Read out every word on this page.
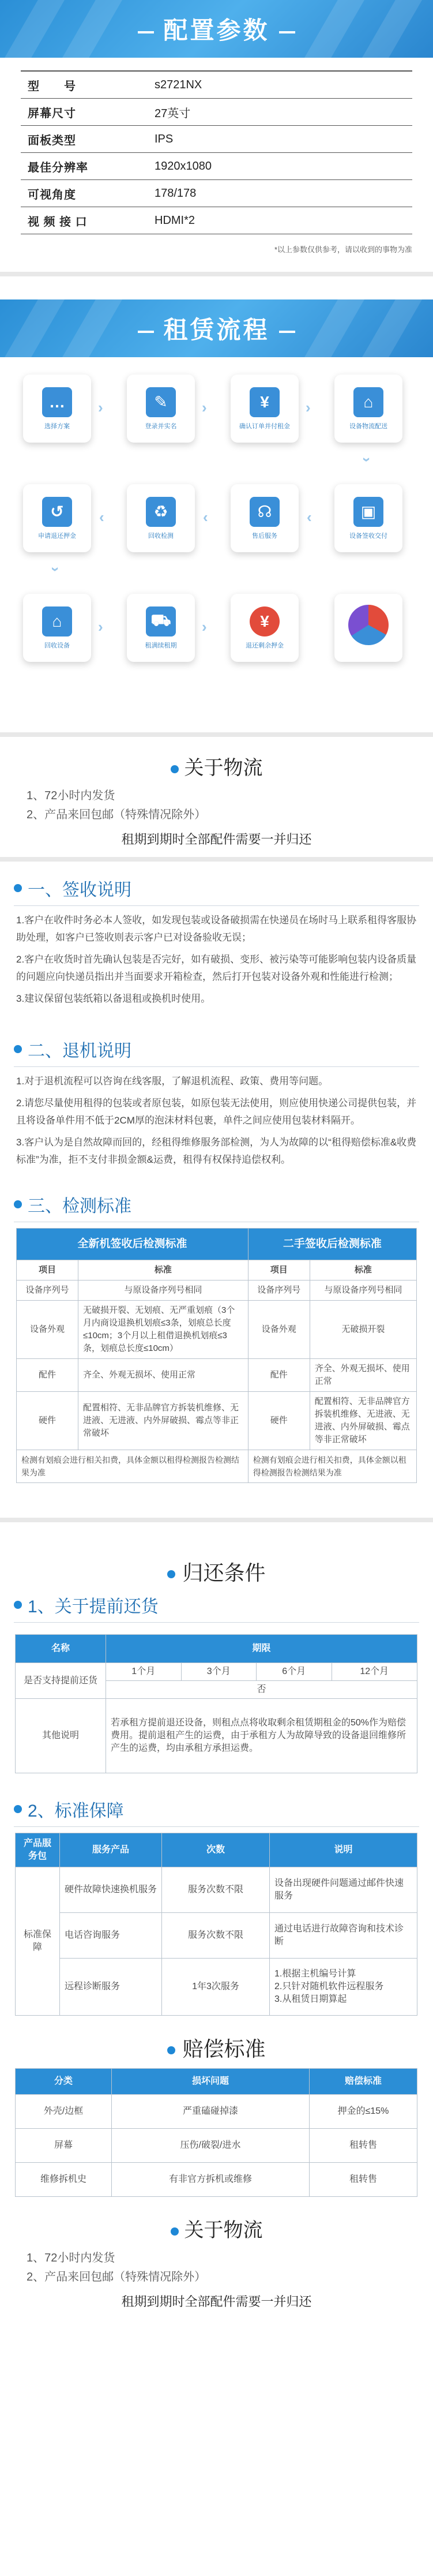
配置参数
型　　号	s2721NX
屏幕尺寸	27英寸
面板类型	IPS
最佳分辨率	1920x1080
可视角度	178/178
视 频 接 口	HDMI*2
*以上参数仅供参考，请以收到的事物为准
租赁流程
…
选择方案
›	✎
登录并实名
›	¥
确认订单并付租金
›	⌂
设备物流配送
›
↺
申请退还押金
‹	♻
回收检测
‹	☊
售后服务
‹	▣
设备签收交付
›
⌂
回收设备
›	⛟
租满续租期
›	¥
退还剩余押金
关于物流
1、72小时内发货
2、产品来回包邮（特殊情况除外）
租期到期时全部配件需要一并归还
一、签收说明
1.客户在收件时务必本人签收，如发现包装或设备破损需在快递员在场时马上联系租得客服协助处理，如客户已签收则表示客户已对设备验收无误；
2.客户在收货时首先确认包装是否完好，如有破损、变形、被污染等可能影响包装内设备质量的问题应向快递员指出并当面要求开箱检查，然后打开包装对设备外观和性能进行检测；
3.建议保留包装纸箱以备退租或换机时使用。
二、退机说明
1.对于退机流程可以咨询在线客服，了解退机流程、政策、费用等问题。
2.请您尽量使用租得的包装或者原包装，如原包装无法使用，则应使用快递公司提供包装，并且将设备单件用不低于2CM厚的泡沫材料包裹，单件之间应使用包装材料隔开。
3.客户认为是自然故障而回的，经租得维修服务部检测，为人为故障的以“租得赔偿标准&收费标准”为准，拒不支付非损金额&运费，租得有权保持追偿权利。
三、检测标准
全新机签收后检测标准		二手签收后检测标准	
项目	标准	项目	标准
设备序列号	与原设备序列号相同	设备序列号	与原设备序列号相同
设备外观	无破损开裂、无划痕、无严重划痕（3个月内商设退换机划痕≤3条，划痕总长度≤10cm；3个月以上租借退换机划痕≤3条，划痕总长度≤10cm）	设备外观	无破损开裂
配件	齐全、外观无损坏、使用正常	配件	齐全、外观无损坏、使用正常
硬件	配置相符、无非品牌官方拆装机维修、无进液、无进液、内外屏破损、霉点等非正常破坏	硬件	配置相符、无非品牌官方拆装机维修、无进液、无进液、内外屏破损、霉点等非正常破坏
检测有划痕会进行相关扣费，具体金额以租得检测报告检测结果为准		检测有划痕会进行相关扣费，具体金额以租得检测报告检测结果为准	
归还条件
1、关于提前还货
名称	期限			
是否支持提前还货	1个月	3个月	6个月	12个月
	否			
其他说明	若承租方提前退还设备，则租点点将收取剩余租赁期租金的50%作为赔偿费用。提前退租产生的运费，由于承租方人为故障导致的设备退回维修所产生的运费，均由承租方承担运费。			
2、标准保障
产品服务包	服务产品	次数	说明
标准保障	硬件故障快速换机服务	服务次数不限	设备出现硬件问题通过邮件快速服务
	电话咨询服务	服务次数不限	通过电话进行故障咨询和技术诊断
	远程诊断服务	1年3次服务	1.根据主机编号计算
2.只针对随机软件远程服务
3.从租赁日期算起
赔偿标准
分类	损坏问题	赔偿标准
外壳/边框	严重磕碰掉漆	押金的≤15%
屏幕	压伤/破裂/进水	租转售
维修拆机史	有非官方拆机或维修	租转售
关于物流
1、72小时内发货
2、产品来回包邮（特殊情况除外）
租期到期时全部配件需要一并归还
